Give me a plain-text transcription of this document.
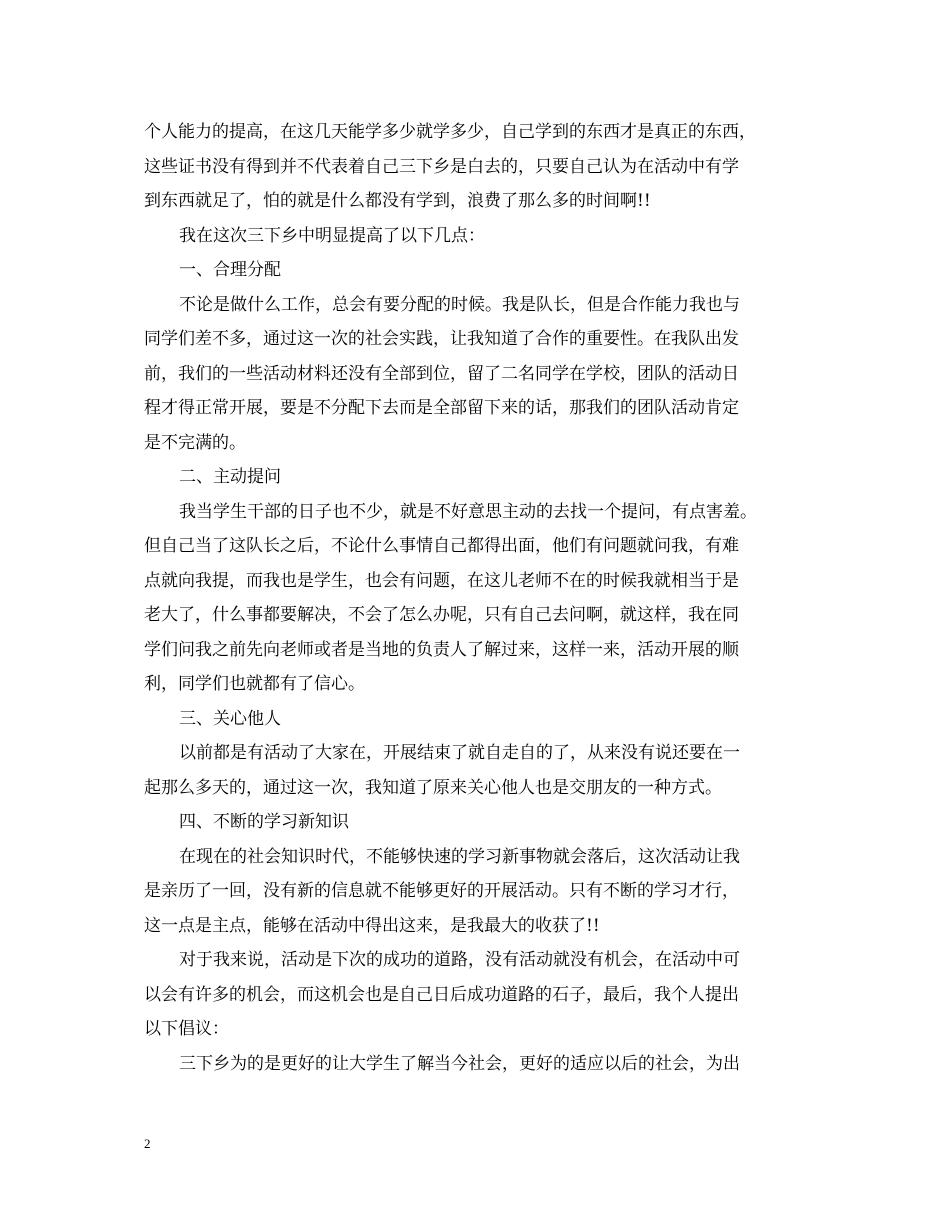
个人能力的提高，在这几天能学多少就学多少，自己学到的东西才是真正的东西，
这些证书没有得到并不代表着自己三下乡是白去的，只要自己认为在活动中有学
到东西就足了，怕的就是什么都没有学到，浪费了那么多的时间啊!!
我在这次三下乡中明显提高了以下几点：
一、合理分配
不论是做什么工作，总会有要分配的时候。我是队长，但是合作能力我也与
同学们差不多，通过这一次的社会实践，让我知道了合作的重要性。在我队出发
前，我们的一些活动材料还没有全部到位，留了二名同学在学校，团队的活动日
程才得正常开展，要是不分配下去而是全部留下来的话，那我们的团队活动肯定
是不完满的。
二、主动提问
我当学生干部的日子也不少，就是不好意思主动的去找一个提问，有点害羞。
但自己当了这队长之后，不论什么事情自己都得出面，他们有问题就问我，有难
点就向我提，而我也是学生，也会有问题，在这儿老师不在的时候我就相当于是
老大了，什么事都要解决，不会了怎么办呢，只有自己去问啊，就这样，我在同
学们问我之前先向老师或者是当地的负责人了解过来，这样一来，活动开展的顺
利，同学们也就都有了信心。
三、关心他人
以前都是有活动了大家在，开展结束了就自走自的了，从来没有说还要在一
起那么多天的，通过这一次，我知道了原来关心他人也是交朋友的一种方式。
四、不断的学习新知识
在现在的社会知识时代，不能够快速的学习新事物就会落后，这次活动让我
是亲历了一回，没有新的信息就不能够更好的开展活动。只有不断的学习才行，
这一点是主点，能够在活动中得出这来，是我最大的收获了!!
对于我来说，活动是下次的成功的道路，没有活动就没有机会，在活动中可
以会有许多的机会，而这机会也是自己日后成功道路的石子，最后，我个人提出
以下倡议：
三下乡为的是更好的让大学生了解当今社会，更好的适应以后的社会，为出
2
